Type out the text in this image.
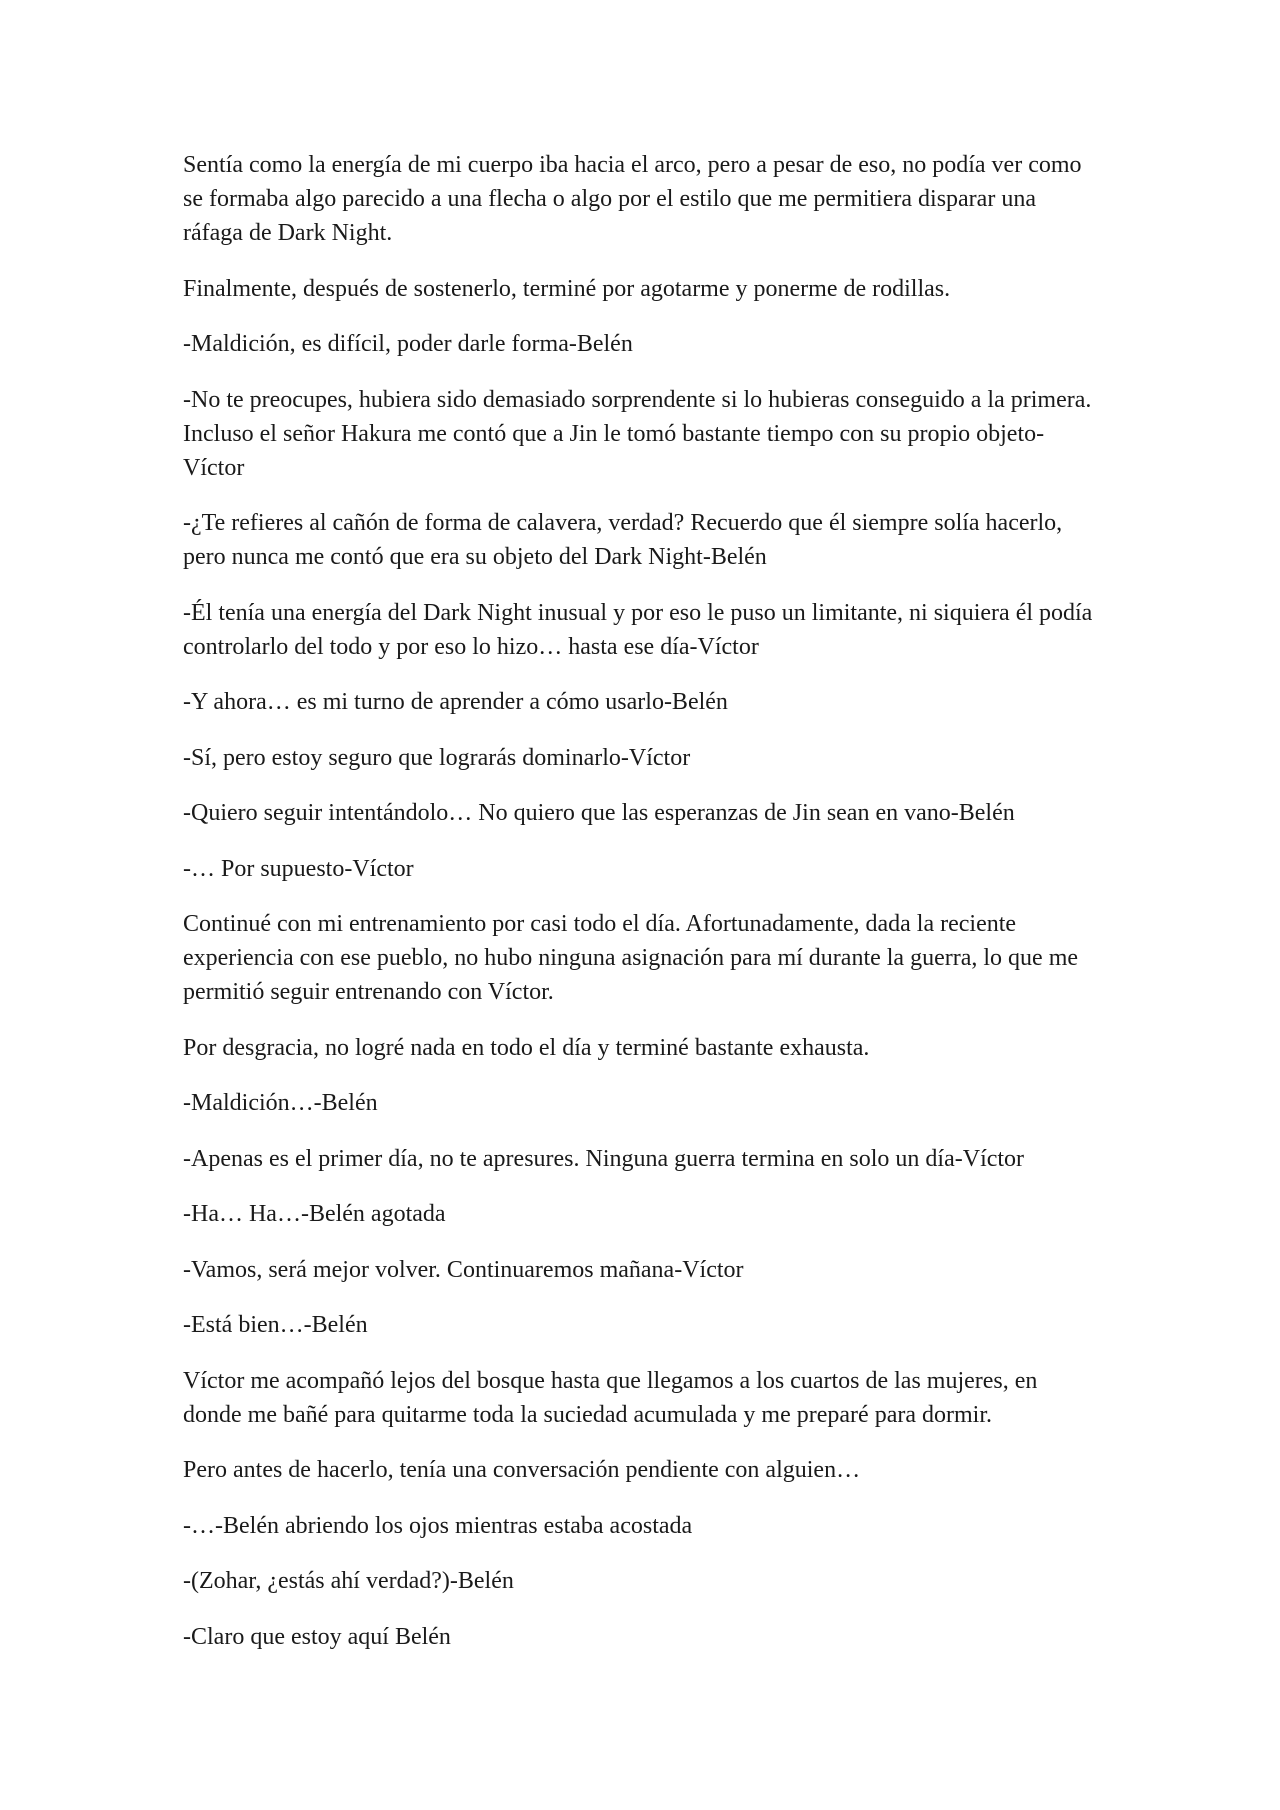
Sentía como la energía de mi cuerpo iba hacia el arco, pero a pesar de eso, no podía ver como se formaba algo parecido a una flecha o algo por el estilo que me permitiera disparar una ráfaga de Dark Night.

Finalmente, después de sostenerlo, terminé por agotarme y ponerme de rodillas.

-Maldición, es difícil, poder darle forma-Belén

-No te preocupes, hubiera sido demasiado sorprendente si lo hubieras conseguido a la primera. Incluso el señor Hakura me contó que a Jin le tomó bastante tiempo con su propio objeto-Víctor

-¿Te refieres al cañón de forma de calavera, verdad? Recuerdo que él siempre solía hacerlo, pero nunca me contó que era su objeto del Dark Night-Belén

-Él tenía una energía del Dark Night inusual y por eso le puso un limitante, ni siquiera él podía controlarlo del todo y por eso lo hizo… hasta ese día-Víctor

-Y ahora… es mi turno de aprender a cómo usarlo-Belén

-Sí, pero estoy seguro que lograrás dominarlo-Víctor

-Quiero seguir intentándolo… No quiero que las esperanzas de Jin sean en vano-Belén

-… Por supuesto-Víctor

Continué con mi entrenamiento por casi todo el día. Afortunadamente, dada la reciente experiencia con ese pueblo, no hubo ninguna asignación para mí durante la guerra, lo que me permitió seguir entrenando con Víctor.

Por desgracia, no logré nada en todo el día y terminé bastante exhausta.

-Maldición…-Belén

-Apenas es el primer día, no te apresures. Ninguna guerra termina en solo un día-Víctor

-Ha… Ha…-Belén agotada

-Vamos, será mejor volver. Continuaremos mañana-Víctor

-Está bien…-Belén

Víctor me acompañó lejos del bosque hasta que llegamos a los cuartos de las mujeres, en donde me bañé para quitarme toda la suciedad acumulada y me preparé para dormir.

Pero antes de hacerlo, tenía una conversación pendiente con alguien…

-…-Belén abriendo los ojos mientras estaba acostada

-(Zohar, ¿estás ahí verdad?)-Belén

-Claro que estoy aquí Belén
